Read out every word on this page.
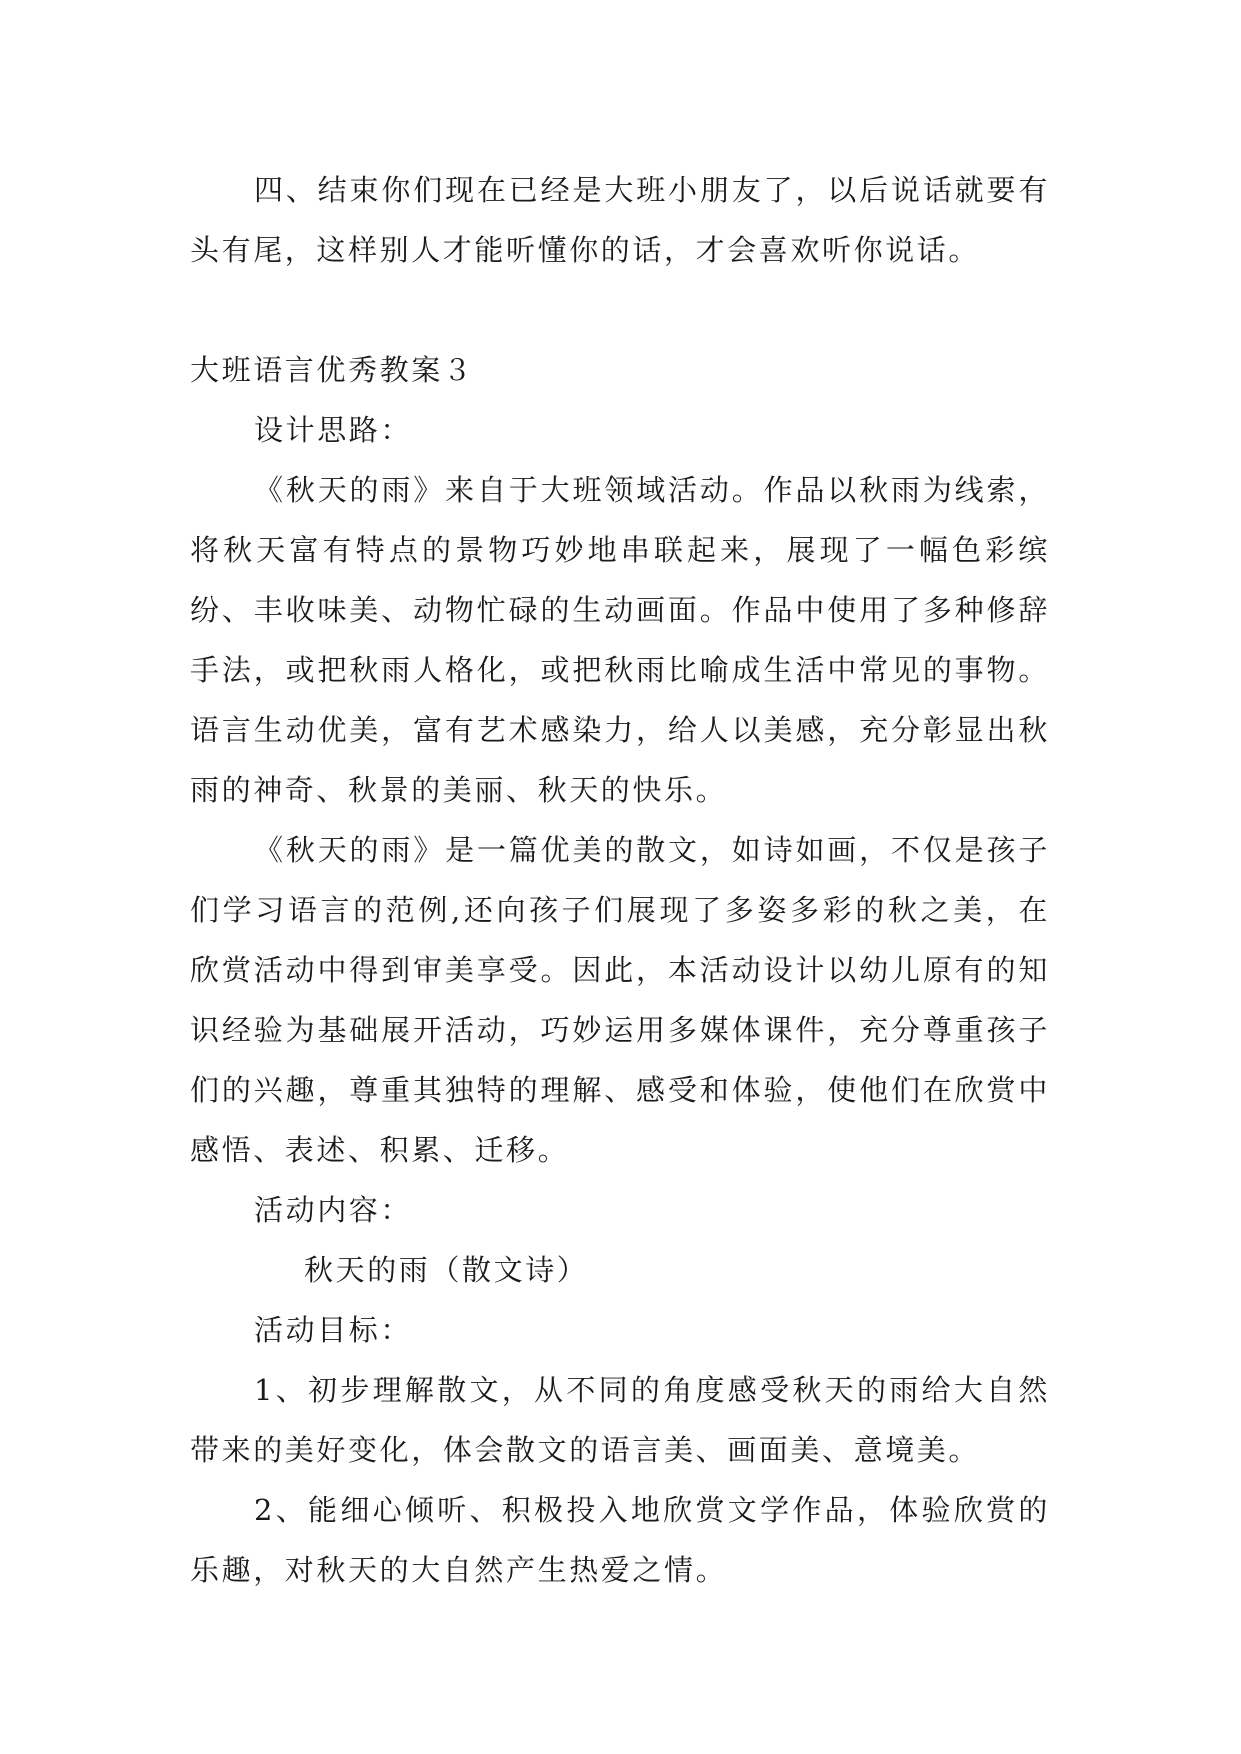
四、结束你们现在已经是大班小朋友了，以后说话就要有头有尾，这样别人才能听懂你的话，才会喜欢听你说话。

大班语言优秀教案３

设计思路：

《秋天的雨》来自于大班领域活动。作品以秋雨为线索，将秋天富有特点的景物巧妙地串联起来，展现了一幅色彩缤纷、丰收味美、动物忙碌的生动画面。作品中使用了多种修辞手法，或把秋雨人格化，或把秋雨比喻成生活中常见的事物。语言生动优美，富有艺术感染力，给人以美感，充分彰显出秋雨的神奇、秋景的美丽、秋天的快乐。

《秋天的雨》是一篇优美的散文，如诗如画，不仅是孩子们学习语言的范例,还向孩子们展现了多姿多彩的秋之美，在欣赏活动中得到审美享受。因此，本活动设计以幼儿原有的知识经验为基础展开活动，巧妙运用多媒体课件，充分尊重孩子们的兴趣，尊重其独特的理解、感受和体验，使他们在欣赏中感悟、表述、积累、迁移。

活动内容：

秋天的雨（散文诗）

活动目标：

1、初步理解散文，从不同的角度感受秋天的雨给大自然带来的美好变化，体会散文的语言美、画面美、意境美。

2、能细心倾听、积极投入地欣赏文学作品，体验欣赏的乐趣，对秋天的大自然产生热爱之情。
